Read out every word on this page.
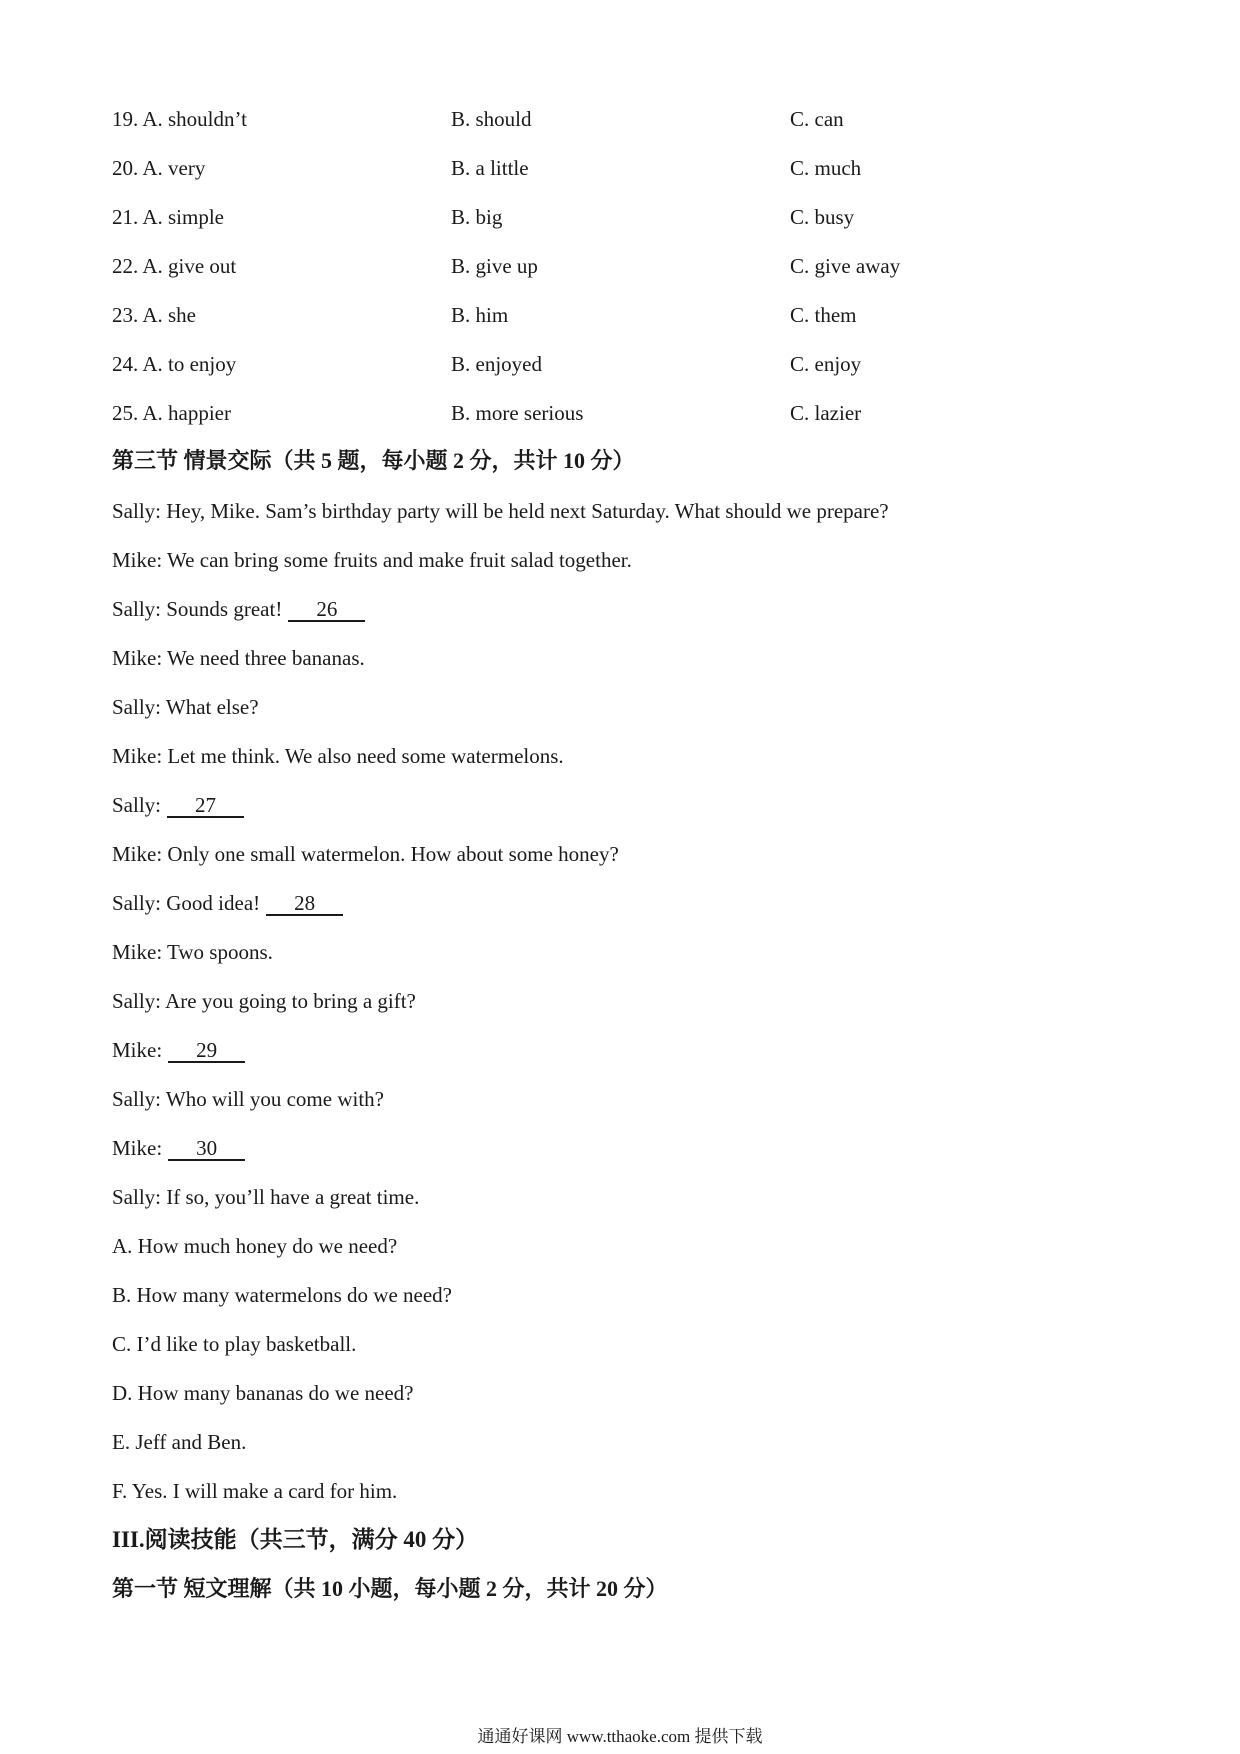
19. A. shouldn’t	B. should	C. can
20. A. very	B. a little	C. much
21. A. simple	B. big	C. busy
22. A. give out	B. give up	C. give away
23. A. she	B. him	C. them
24. A. to enjoy	B. enjoyed	C. enjoy
25. A. happier	B. more serious	C. lazier
第三节 情景交际（共 5 题，每小题 2 分，共计 10 分）
Sally: Hey, Mike. Sam’s birthday party will be held next Saturday. What should we prepare?
Mike: We can bring some fruits and make fruit salad together.
Sally: Sounds great! 26
Mike: We need three bananas.
Sally: What else?
Mike: Let me think. We also need some watermelons.
Sally: 27
Mike: Only one small watermelon. How about some honey?
Sally: Good idea! 28
Mike: Two spoons.
Sally: Are you going to bring a gift?
Mike: 29
Sally: Who will you come with?
Mike: 30
Sally: If so, you’ll have a great time.
A. How much honey do we need?
B. How many watermelons do we need?
C. I’d like to play basketball.
D. How many bananas do we need?
E. Jeff and Ben.
F. Yes. I will make a card for him.
III.阅读技能（共三节，满分 40 分）
第一节 短文理解（共 10 小题，每小题 2 分，共计 20 分）
通通好课网 www.tthaoke.com 提供下载
